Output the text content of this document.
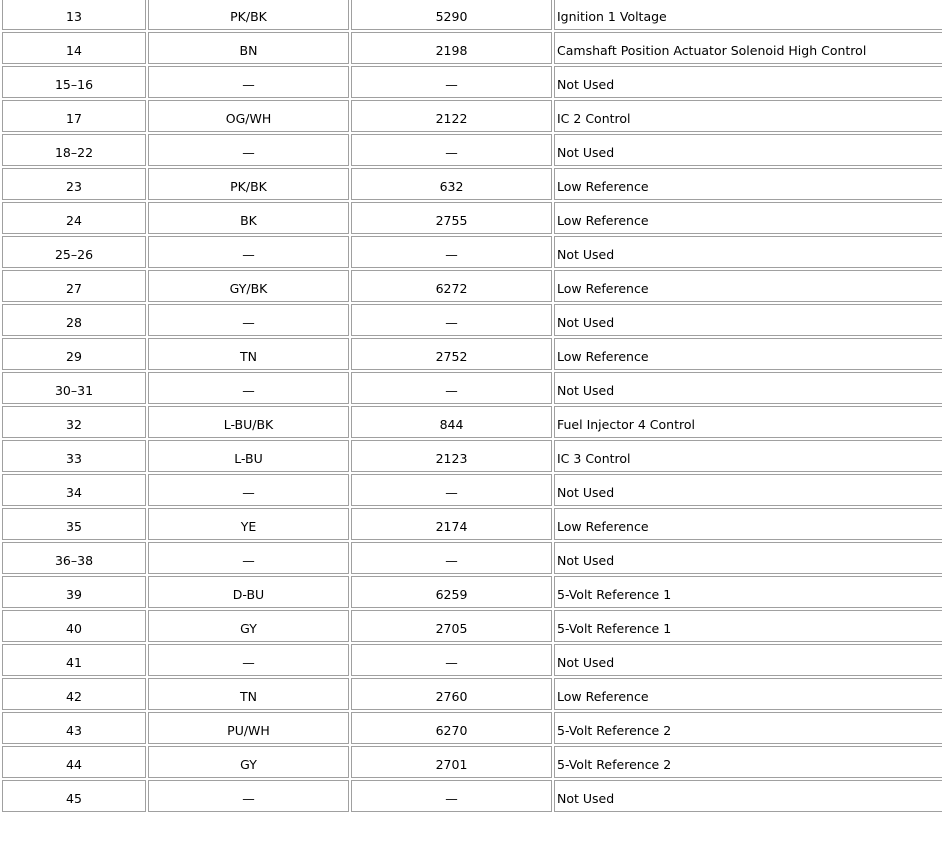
13	PK/BK	5290	Ignition 1 Voltage

14	BN	2198	Camshaft Position Actuator Solenoid High Control

15–16	—	—	Not Used

17	OG/WH	2122	IC 2 Control

18–22	—	—	Not Used

23	PK/BK	632	Low Reference

24	BK	2755	Low Reference

25–26	—	—	Not Used

27	GY/BK	6272	Low Reference

28	—	—	Not Used

29	TN	2752	Low Reference

30–31	—	—	Not Used

32	L-BU/BK	844	Fuel Injector 4 Control

33	L-BU	2123	IC 3 Control

34	—	—	Not Used

35	YE	2174	Low Reference

36–38	—	—	Not Used

39	D-BU	6259	5-Volt Reference 1

40	GY	2705	5-Volt Reference 1

41	—	—	Not Used

42	TN	2760	Low Reference

43	PU/WH	6270	5-Volt Reference 2

44	GY	2701	5-Volt Reference 2

45	—	—	Not Used
